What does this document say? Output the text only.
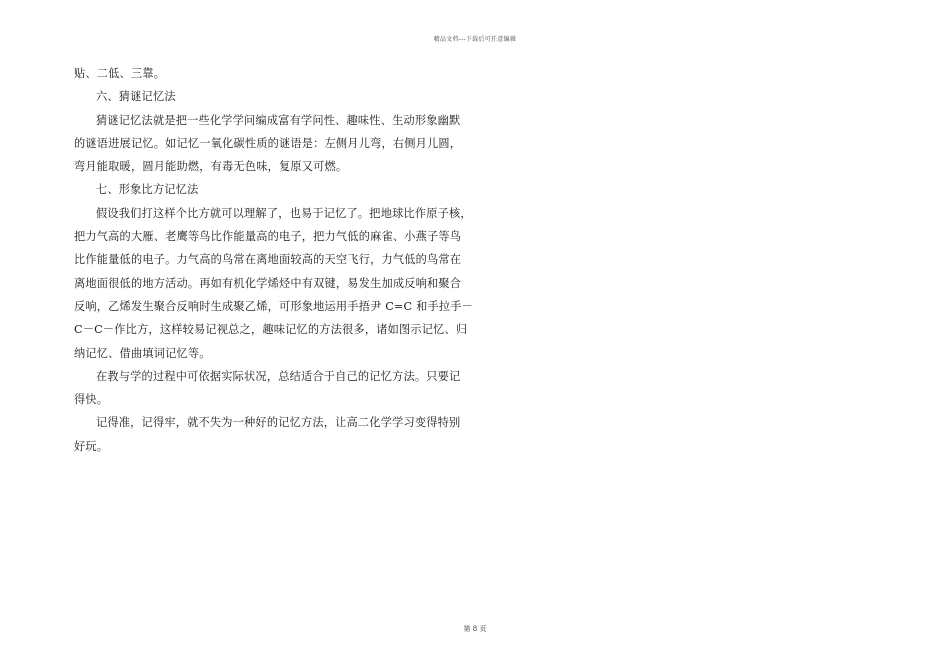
精品文档---下载后可任意编辑
贴、二低、三靠。
六、猜谜记忆法
猜谜记忆法就是把一些化学学问编成富有学问性、趣味性、生动形象幽默
的谜语进展记忆。如记忆一氧化碳性质的谜语是：左侧月儿弯，右侧月儿圆，
弯月能取暖，圆月能助燃，有毒无色味，复原又可燃。
七、形象比方记忆法
假设我们打这样个比方就可以理解了，也易于记忆了。把地球比作原子核，
把力气高的大雁、老鹰等鸟比作能量高的电子，把力气低的麻雀、小燕子等鸟
比作能量低的电子。力气高的鸟常在离地面较高的天空飞行，力气低的鸟常在
离地面很低的地方活动。再如有机化学烯烃中有双键，易发生加成反响和聚合
反响，乙烯发生聚合反响时生成聚乙烯，可形象地运用手捂尹 C=C 和手拉手－
C－C－作比方，这样较易记视总之，趣味记忆的方法很多，诸如图示记忆、归
纳记忆、借曲填词记忆等。
在教与学的过程中可依据实际状况，总结适合于自己的记忆方法。只要记
得快。
记得准，记得牢，就不失为一种好的记忆方法，让高二化学学习变得特别
好玩。
第 8 页
